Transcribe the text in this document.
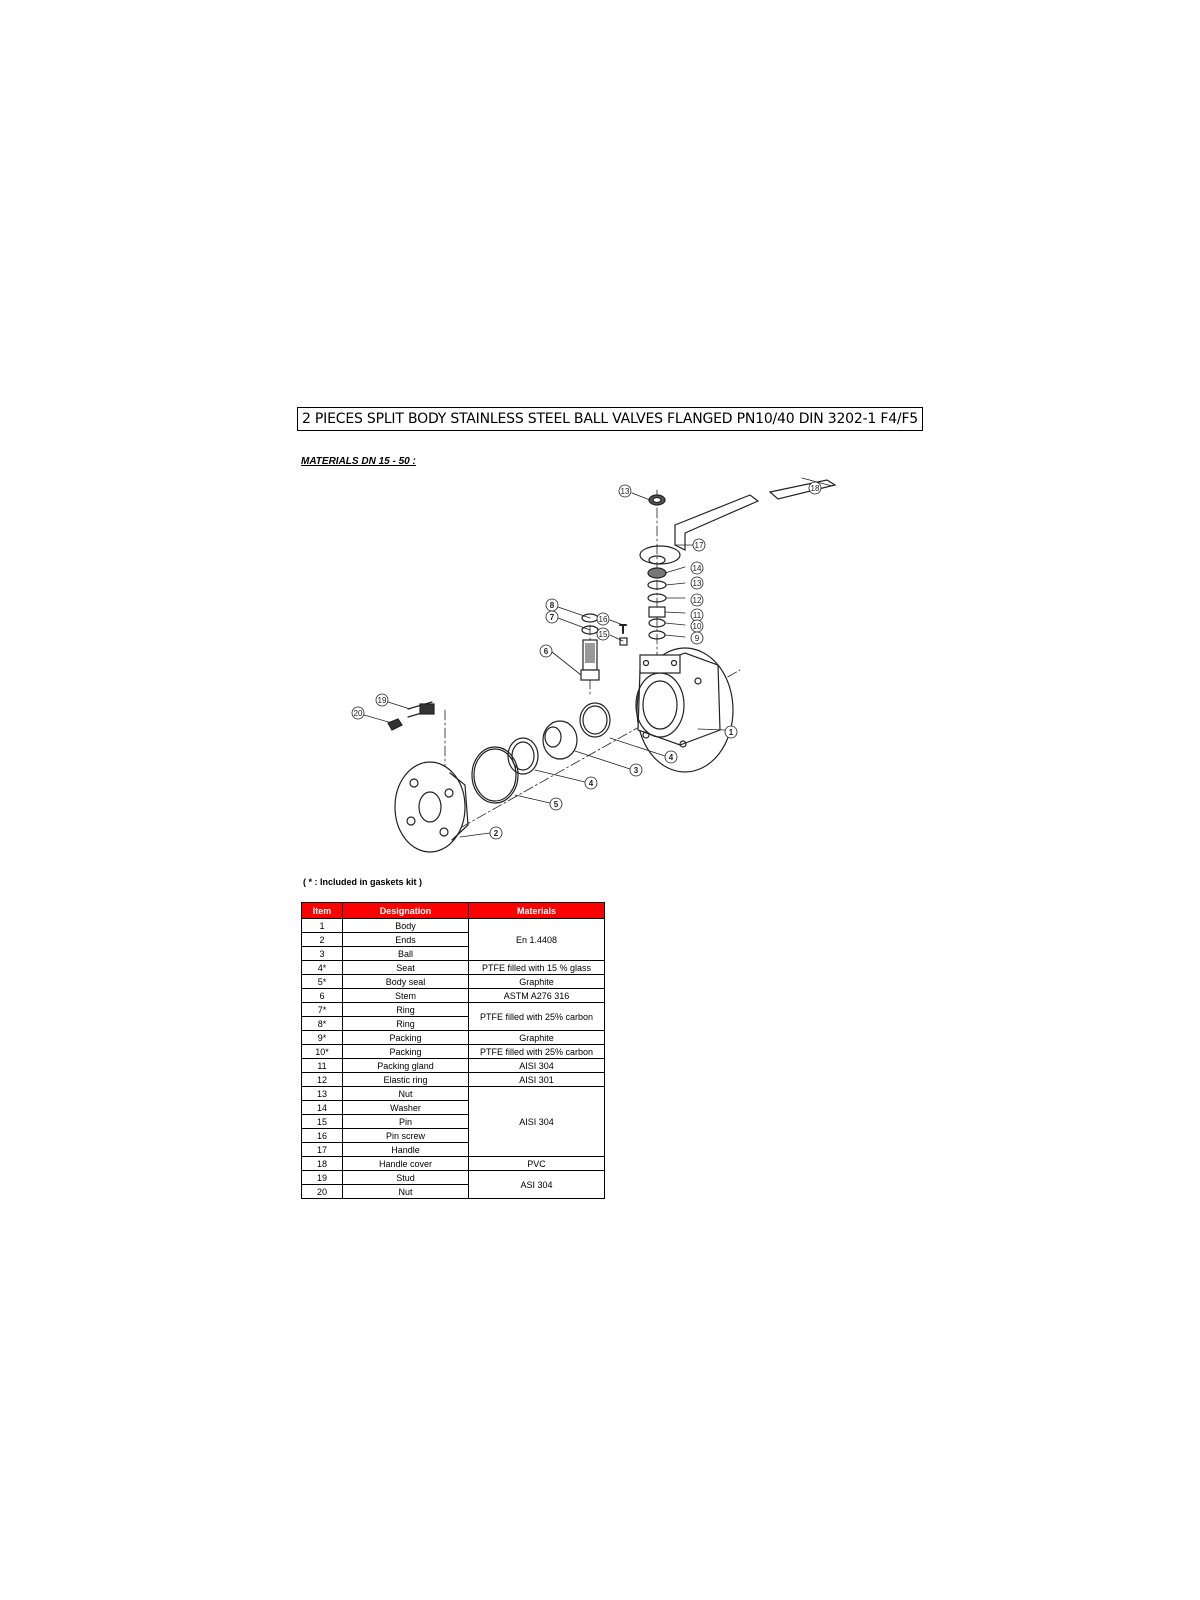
2 PIECES SPLIT BODY STAINLESS STEEL BALL VALVES FLANGED PN10/40 DIN 3202-1 F4/F5
MATERIALS DN 15 - 50 :
18
13
17
14
13
12
11
10
9
16
15
8
7
6
19
20
1
4
3
4
5
2
( * : Included in gaskets kit )
Item	Designation	Materials
1	Body	En 1.4408
2	Ends	
3	Ball	
4*	Seat	PTFE filled with 15 % glass
5*	Body seal	Graphite
6	Stem	ASTM A276 316
7*	Ring	PTFE filled with 25% carbon
8*	Ring	
9*	Packing	Graphite
10*	Packing	PTFE filled with 25% carbon
11	Packing gland	AISI 304
12	Elastic ring	AISI 301
13	Nut	AISI 304
14	Washer	
15	Pin	
16	Pin screw	
17	Handle	
18	Handle cover	PVC
19	Stud	ASI 304
20	Nut	
